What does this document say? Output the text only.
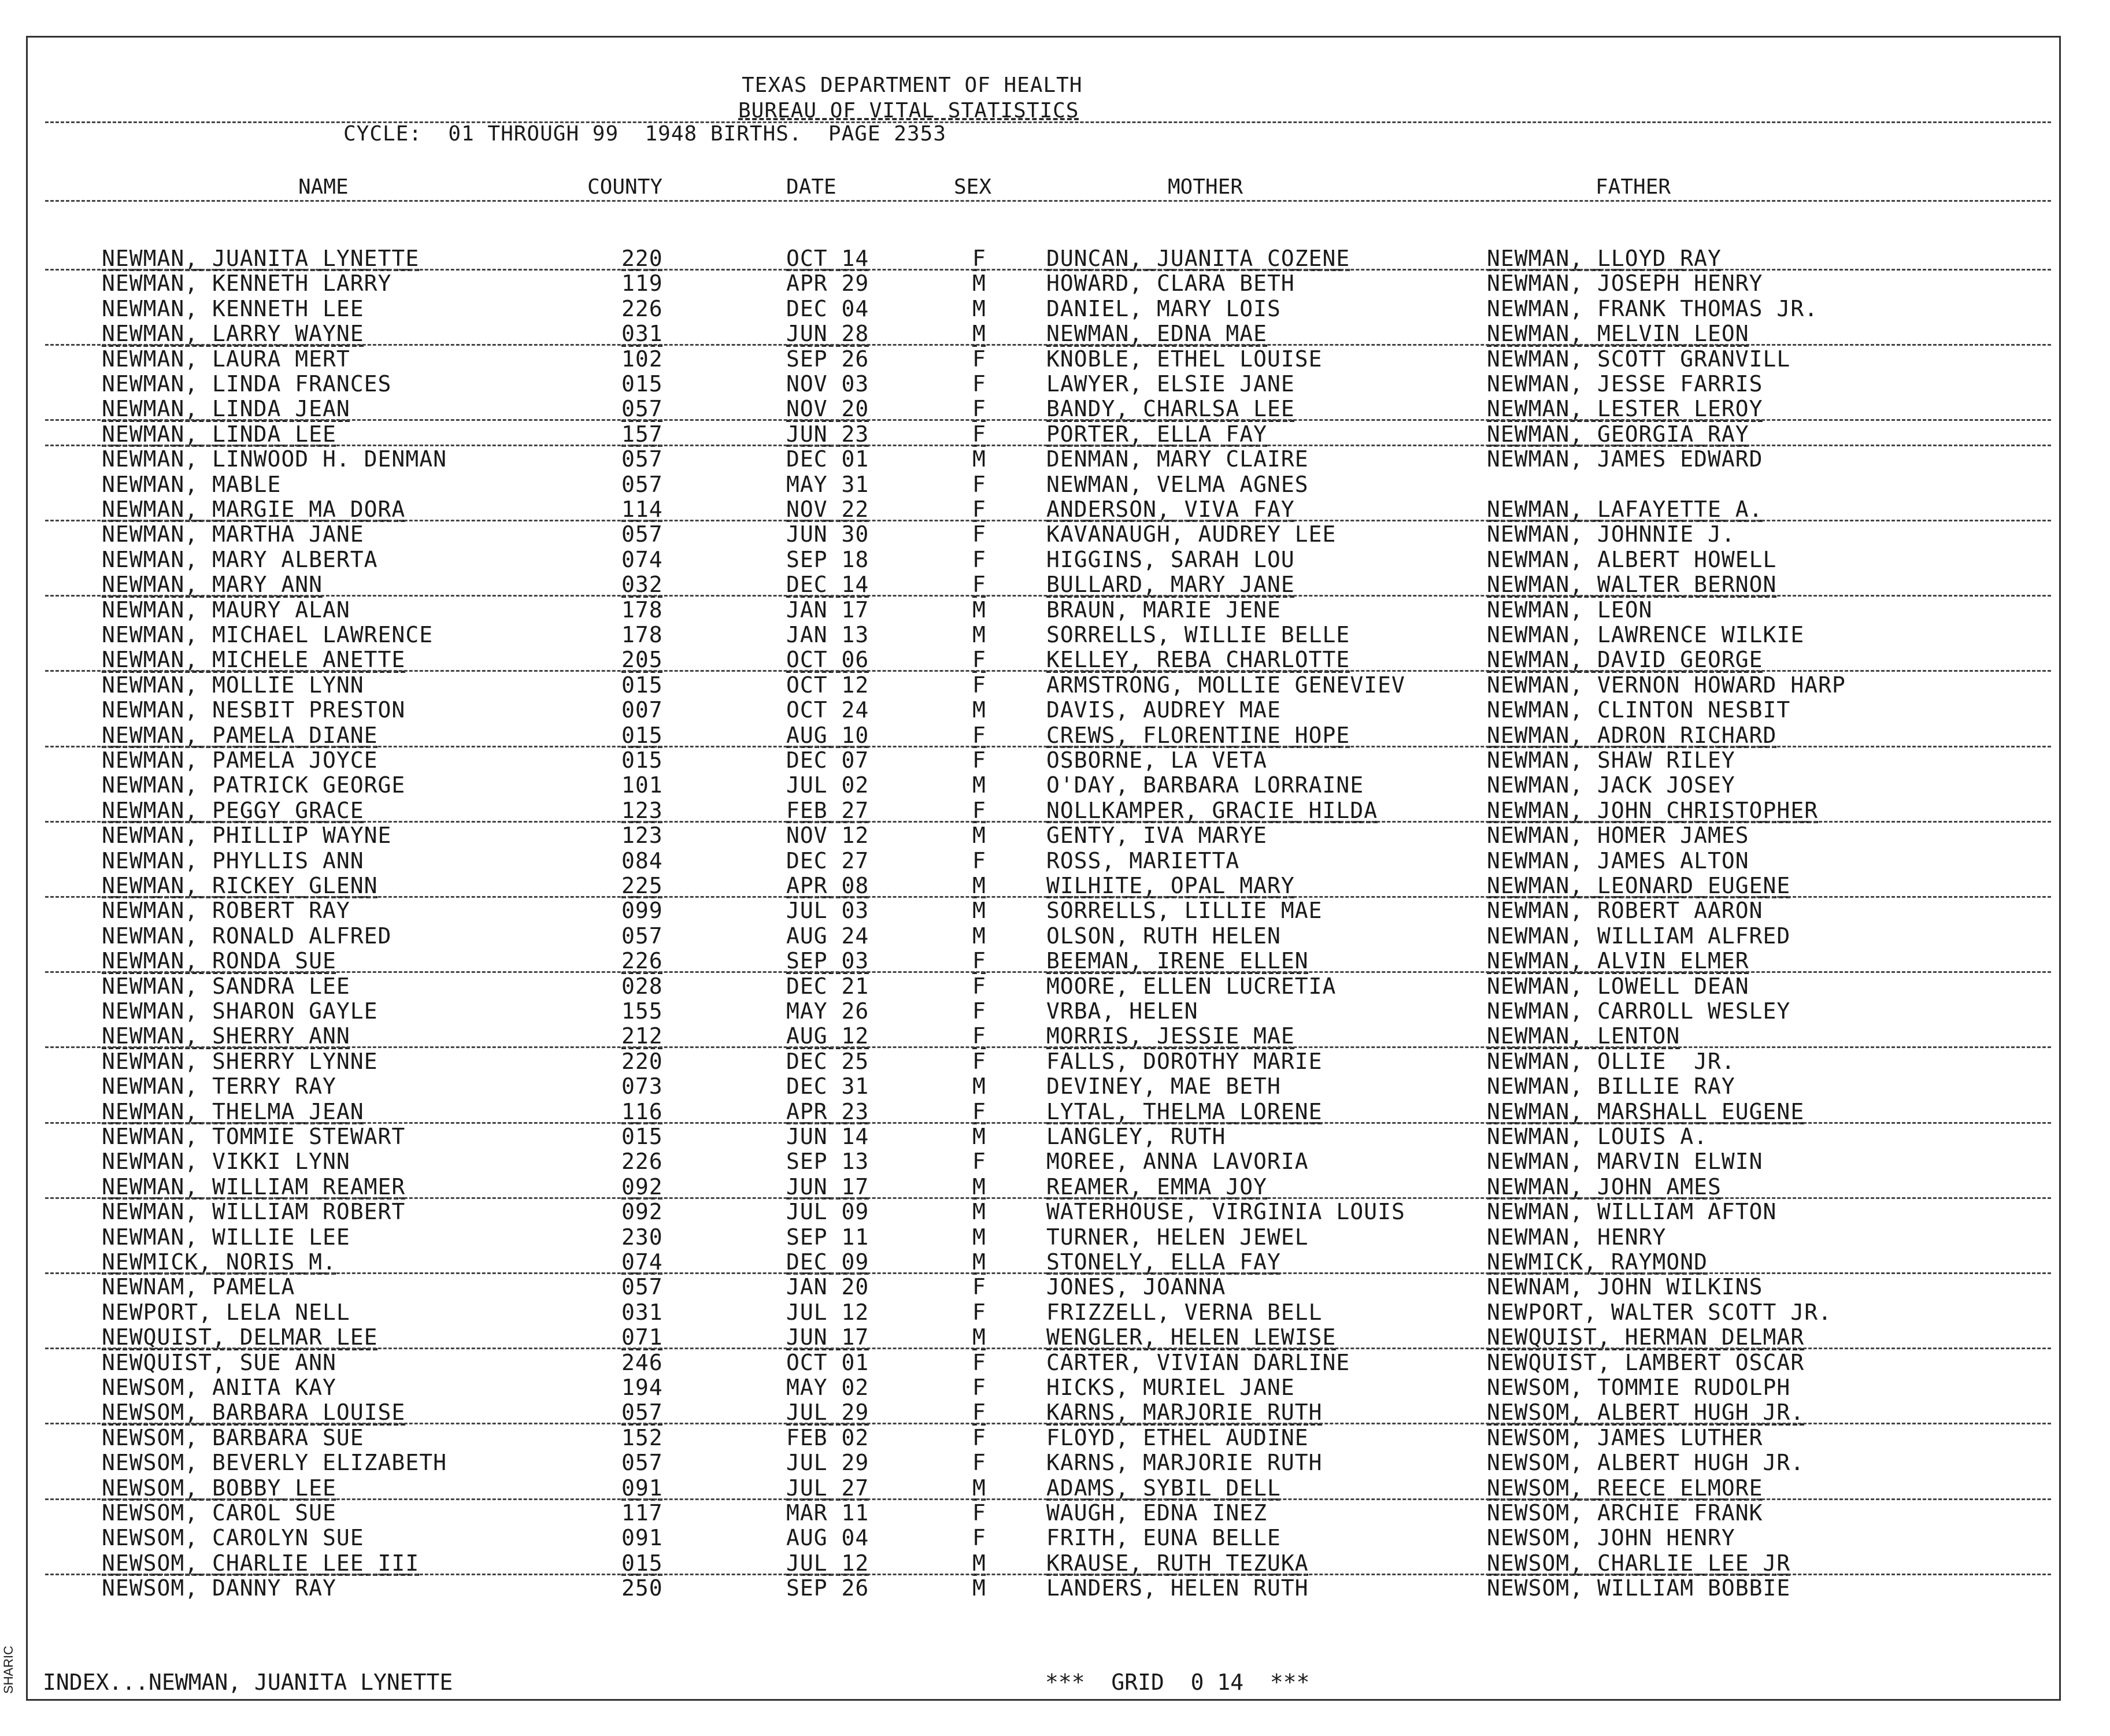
TEXAS DEPARTMENT OF HEALTH
BUREAU OF VITAL STATISTICS
CYCLE:  01 THROUGH 99  1948 BIRTHS.  PAGE 2353
NAME	COUNTY	DATE	SEX	MOTHER	FATHER
NEWMAN, JUANITA LYNETTE	220	OCT 14	F	DUNCAN, JUANITA COZENE	NEWMAN, LLOYD RAY
NEWMAN, KENNETH LARRY	119	APR 29	M	HOWARD, CLARA BETH	NEWMAN, JOSEPH HENRY
NEWMAN, KENNETH LEE	226	DEC 04	M	DANIEL, MARY LOIS	NEWMAN, FRANK THOMAS JR.
NEWMAN, LARRY WAYNE	031	JUN 28	M	NEWMAN, EDNA MAE	NEWMAN, MELVIN LEON
NEWMAN, LAURA MERT	102	SEP 26	F	KNOBLE, ETHEL LOUISE	NEWMAN, SCOTT GRANVILL
NEWMAN, LINDA FRANCES	015	NOV 03	F	LAWYER, ELSIE JANE	NEWMAN, JESSE FARRIS
NEWMAN, LINDA JEAN	057	NOV 20	F	BANDY, CHARLSA LEE	NEWMAN, LESTER LEROY
NEWMAN, LINDA LEE	157	JUN 23	F	PORTER, ELLA FAY	NEWMAN, GEORGIA RAY
NEWMAN, LINWOOD H. DENMAN	057	DEC 01	M	DENMAN, MARY CLAIRE	NEWMAN, JAMES EDWARD
NEWMAN, MABLE	057	MAY 31	F	NEWMAN, VELMA AGNES
NEWMAN, MARGIE MA DORA	114	NOV 22	F	ANDERSON, VIVA FAY	NEWMAN, LAFAYETTE A.
NEWMAN, MARTHA JANE	057	JUN 30	F	KAVANAUGH, AUDREY LEE	NEWMAN, JOHNNIE J.
NEWMAN, MARY ALBERTA	074	SEP 18	F	HIGGINS, SARAH LOU	NEWMAN, ALBERT HOWELL
NEWMAN, MARY ANN	032	DEC 14	F	BULLARD, MARY JANE	NEWMAN, WALTER BERNON
NEWMAN, MAURY ALAN	178	JAN 17	M	BRAUN, MARIE JENE	NEWMAN, LEON
NEWMAN, MICHAEL LAWRENCE	178	JAN 13	M	SORRELLS, WILLIE BELLE	NEWMAN, LAWRENCE WILKIE
NEWMAN, MICHELE ANETTE	205	OCT 06	F	KELLEY, REBA CHARLOTTE	NEWMAN, DAVID GEORGE
NEWMAN, MOLLIE LYNN	015	OCT 12	F	ARMSTRONG, MOLLIE GENEVIEV	NEWMAN, VERNON HOWARD HARP
NEWMAN, NESBIT PRESTON	007	OCT 24	M	DAVIS, AUDREY MAE	NEWMAN, CLINTON NESBIT
NEWMAN, PAMELA DIANE	015	AUG 10	F	CREWS, FLORENTINE HOPE	NEWMAN, ADRON RICHARD
NEWMAN, PAMELA JOYCE	015	DEC 07	F	OSBORNE, LA VETA	NEWMAN, SHAW RILEY
NEWMAN, PATRICK GEORGE	101	JUL 02	M	O'DAY, BARBARA LORRAINE	NEWMAN, JACK JOSEY
NEWMAN, PEGGY GRACE	123	FEB 27	F	NOLLKAMPER, GRACIE HILDA	NEWMAN, JOHN CHRISTOPHER
NEWMAN, PHILLIP WAYNE	123	NOV 12	M	GENTY, IVA MARYE	NEWMAN, HOMER JAMES
NEWMAN, PHYLLIS ANN	084	DEC 27	F	ROSS, MARIETTA	NEWMAN, JAMES ALTON
NEWMAN, RICKEY GLENN	225	APR 08	M	WILHITE, OPAL MARY	NEWMAN, LEONARD EUGENE
NEWMAN, ROBERT RAY	099	JUL 03	M	SORRELLS, LILLIE MAE	NEWMAN, ROBERT AARON
NEWMAN, RONALD ALFRED	057	AUG 24	M	OLSON, RUTH HELEN	NEWMAN, WILLIAM ALFRED
NEWMAN, RONDA SUE	226	SEP 03	F	BEEMAN, IRENE ELLEN	NEWMAN, ALVIN ELMER
NEWMAN, SANDRA LEE	028	DEC 21	F	MOORE, ELLEN LUCRETIA	NEWMAN, LOWELL DEAN
NEWMAN, SHARON GAYLE	155	MAY 26	F	VRBA, HELEN	NEWMAN, CARROLL WESLEY
NEWMAN, SHERRY ANN	212	AUG 12	F	MORRIS, JESSIE MAE	NEWMAN, LENTON
NEWMAN, SHERRY LYNNE	220	DEC 25	F	FALLS, DOROTHY MARIE	NEWMAN, OLLIE  JR.
NEWMAN, TERRY RAY	073	DEC 31	M	DEVINEY, MAE BETH	NEWMAN, BILLIE RAY
NEWMAN, THELMA JEAN	116	APR 23	F	LYTAL, THELMA LORENE	NEWMAN, MARSHALL EUGENE
NEWMAN, TOMMIE STEWART	015	JUN 14	M	LANGLEY, RUTH	NEWMAN, LOUIS A.
NEWMAN, VIKKI LYNN	226	SEP 13	F	MOREE, ANNA LAVORIA	NEWMAN, MARVIN ELWIN
NEWMAN, WILLIAM REAMER	092	JUN 17	M	REAMER, EMMA JOY	NEWMAN, JOHN AMES
NEWMAN, WILLIAM ROBERT	092	JUL 09	M	WATERHOUSE, VIRGINIA LOUIS	NEWMAN, WILLIAM AFTON
NEWMAN, WILLIE LEE	230	SEP 11	M	TURNER, HELEN JEWEL	NEWMAN, HENRY
NEWMICK, NORIS M.	074	DEC 09	M	STONELY, ELLA FAY	NEWMICK, RAYMOND
NEWNAM, PAMELA	057	JAN 20	F	JONES, JOANNA	NEWNAM, JOHN WILKINS
NEWPORT, LELA NELL	031	JUL 12	F	FRIZZELL, VERNA BELL	NEWPORT, WALTER SCOTT JR.
NEWQUIST, DELMAR LEE	071	JUN 17	M	WENGLER, HELEN LEWISE	NEWQUIST, HERMAN DELMAR
NEWQUIST, SUE ANN	246	OCT 01	F	CARTER, VIVIAN DARLINE	NEWQUIST, LAMBERT OSCAR
NEWSOM, ANITA KAY	194	MAY 02	F	HICKS, MURIEL JANE	NEWSOM, TOMMIE RUDOLPH
NEWSOM, BARBARA LOUISE	057	JUL 29	F	KARNS, MARJORIE RUTH	NEWSOM, ALBERT HUGH JR.
NEWSOM, BARBARA SUE	152	FEB 02	F	FLOYD, ETHEL AUDINE	NEWSOM, JAMES LUTHER
NEWSOM, BEVERLY ELIZABETH	057	JUL 29	F	KARNS, MARJORIE RUTH	NEWSOM, ALBERT HUGH JR.
NEWSOM, BOBBY LEE	091	JUL 27	M	ADAMS, SYBIL DELL	NEWSOM, REECE ELMORE
NEWSOM, CAROL SUE	117	MAR 11	F	WAUGH, EDNA INEZ	NEWSOM, ARCHIE FRANK
NEWSOM, CAROLYN SUE	091	AUG 04	F	FRITH, EUNA BELLE	NEWSOM, JOHN HENRY
NEWSOM, CHARLIE LEE III	015	JUL 12	M	KRAUSE, RUTH TEZUKA	NEWSOM, CHARLIE LEE JR
NEWSOM, DANNY RAY	250	SEP 26	M	LANDERS, HELEN RUTH	NEWSOM, WILLIAM BOBBIE
INDEX...NEWMAN, JUANITA LYNETTE	***  GRID  0 14  ***
SHARIC
